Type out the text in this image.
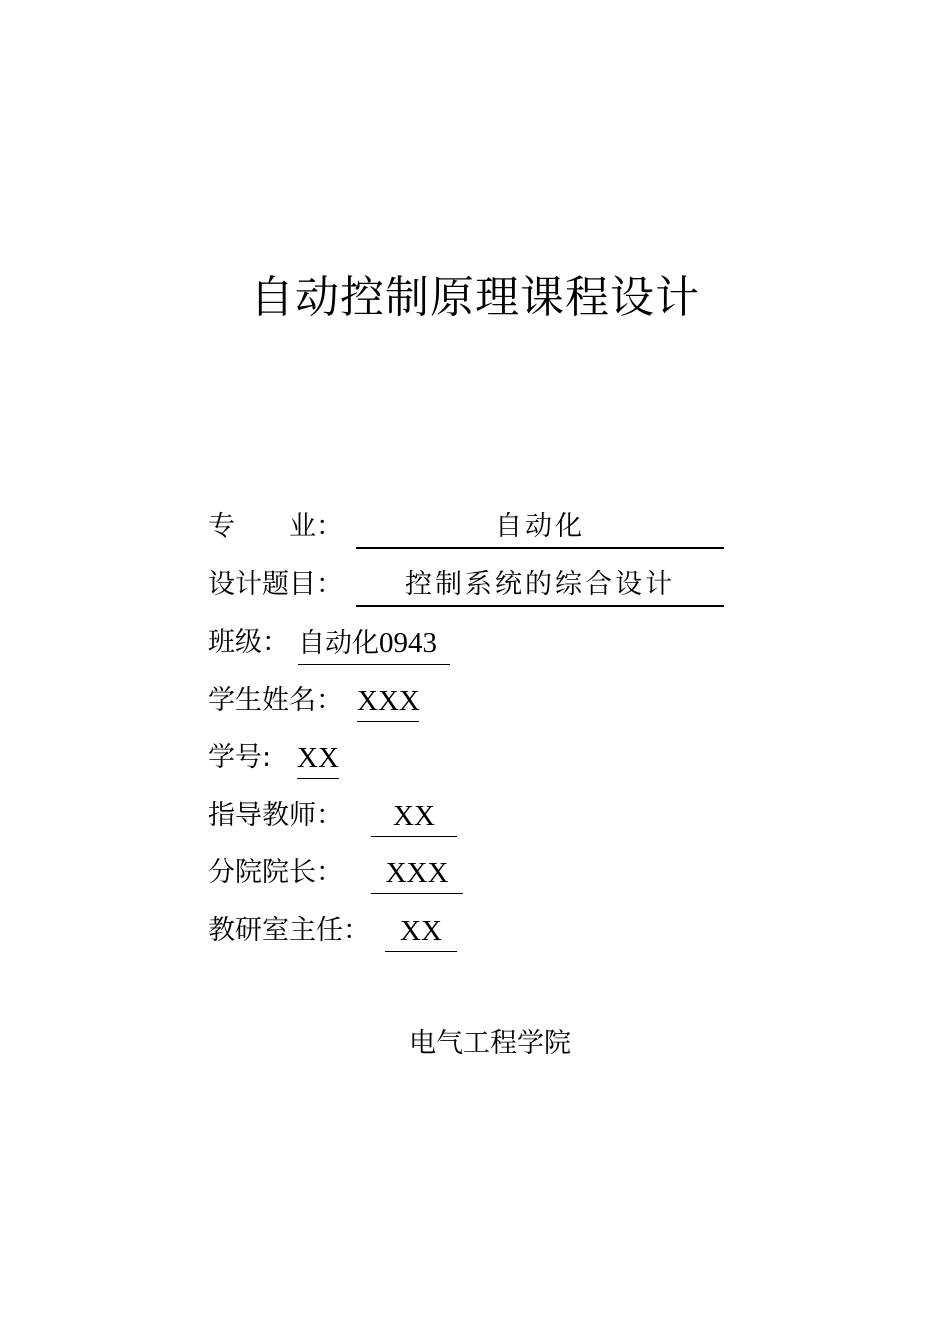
自动控制原理课程设计
专　　业：	自动化
设计题目：	控制系统的综合设计
班级： 自动化0943
学生姓名： XXX
学号: XX
指导教师：	XX
分院院长：	XXX
教研室主任：	XX
电气工程学院
